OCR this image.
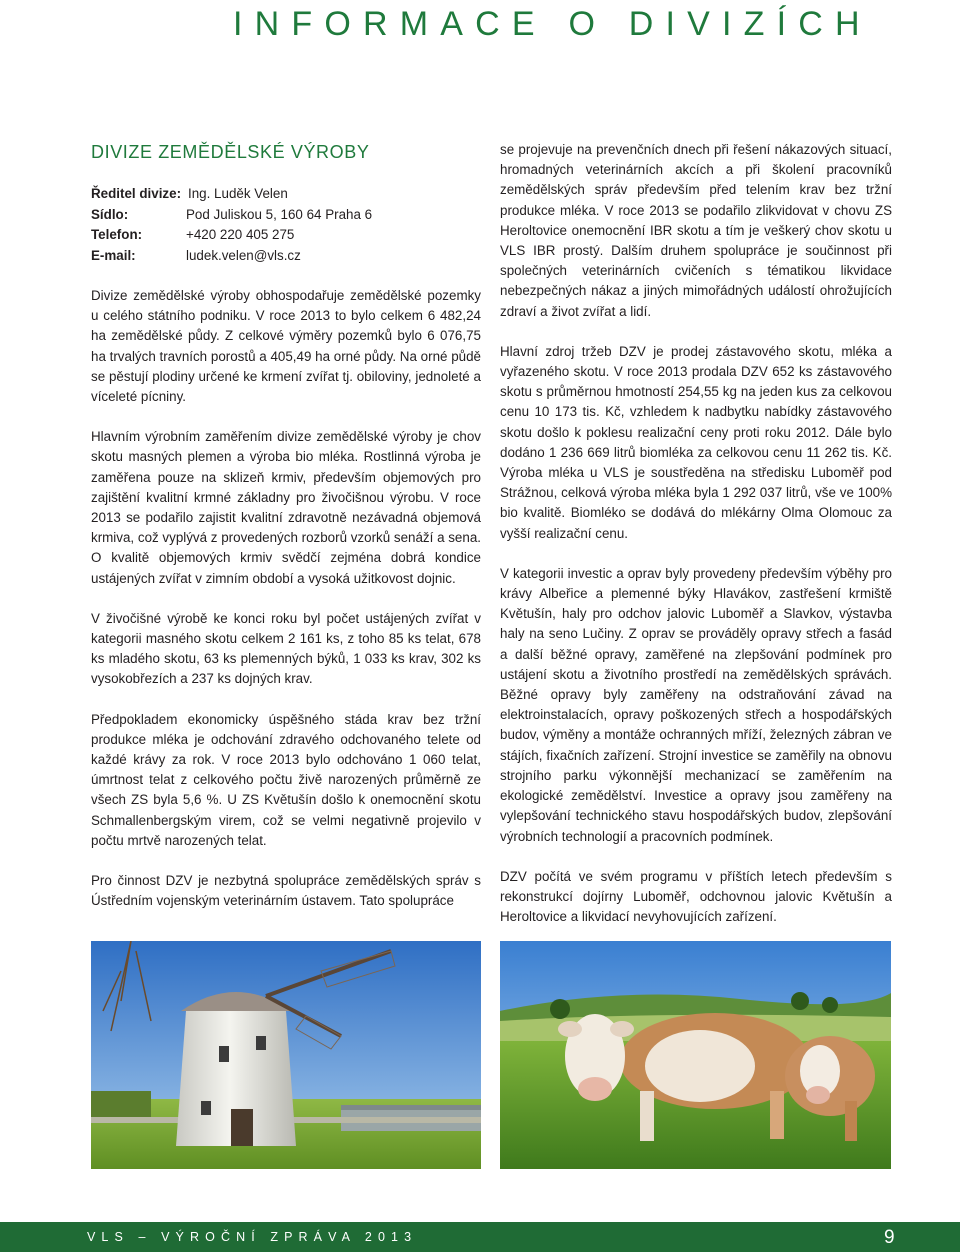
INFORMACE O DIVIZÍCH
DIVIZE ZEMĚDĚLSKÉ VÝROBY
Ředitel divize: Ing. Luděk Velen
Sídlo:	Pod Juliskou 5, 160 64 Praha 6
Telefon:	+420 220 405 275
E-mail:	ludek.velen@vls.cz

Divize zemědělské výroby obhospodařuje zemědělské pozemky u celého státního podniku. V roce 2013 to bylo celkem 6 482,24 ha zemědělské půdy. Z celkové výměry pozemků bylo 6 076,75 ha trvalých travních porostů a 405,49 ha orné půdy. Na orné půdě se pěstují plodiny určené ke krmení zvířat tj. obiloviny, jednoleté a víceleté pícniny.

Hlavním výrobním zaměřením divize zemědělské výroby je chov skotu masných plemen a výroba bio mléka. Rostlinná výroba je zaměřena pouze na sklizeň krmiv, především objemových pro zajištění kvalitní krmné základny pro živočišnou výrobu. V roce 2013 se podařilo zajistit kvalitní zdravotně nezávadná objemová krmiva, což vyplývá z provedených rozborů vzorků senáží a sena. O kvalitě objemových krmiv svědčí zejména dobrá kondice ustájených zvířat v zimním období a vysoká užitkovost dojnic.

V živočišné výrobě ke konci roku byl počet ustájených zvířat v kategorii masného skotu celkem 2 161 ks, z toho 85 ks telat, 678 ks mladého skotu, 63 ks plemenných býků, 1 033 ks krav, 302 ks vysokobřezích a 237 ks dojných krav.

Předpokladem ekonomicky úspěšného stáda krav bez tržní produkce mléka je odchování zdravého odchovaného telete od každé krávy za rok. V roce 2013 bylo odchováno 1 060 telat, úmrtnost telat z celkového počtu živě narozených průměrně ze všech ZS byla 5,6 %. U ZS Květušín došlo k onemocnění skotu Schmallenbergským virem, což se velmi negativně projevilo v počtu mrtvě narozených telat.

Pro činnost DZV je nezbytná spolupráce zemědělských správ s Ústředním vojenským veterinárním ústavem. Tato spolupráce

se projevuje na prevenčních dnech při řešení nákazových situací, hromadných veterinárních akcích a při školení pracovníků zemědělských správ především před telením krav bez tržní produkce mléka. V roce 2013 se podařilo zlikvidovat v chovu ZS Heroltovice onemocnění IBR skotu a tím je veškerý chov skotu u VLS IBR prostý. Dalším druhem spolupráce je součinnost při společných veterinárních cvičeních s tématikou likvidace nebezpečných nákaz a jiných mimořádných událostí ohrožujících zdraví a život zvířat a lidí.

Hlavní zdroj tržeb DZV je prodej zástavového skotu, mléka a vyřazeného skotu. V roce 2013 prodala DZV 652 ks zástavového skotu s průměrnou hmotností 254,55 kg na jeden kus za celkovou cenu 10 173 tis. Kč, vzhledem k nadbytku nabídky zástavového skotu došlo k poklesu realizační ceny proti roku 2012. Dále bylo dodáno 1 236 669 litrů biomléka za celkovou cenu 11 262 tis. Kč. Výroba mléka u VLS je soustředěna na středisku Luboměř pod Strážnou, celková výroba mléka byla 1 292 037 litrů, vše ve 100% bio kvalitě. Biomléko se dodává do mlékárny Olma Olomouc za vyšší realizační cenu.

V kategorii investic a oprav byly provedeny především výběhy pro krávy Albeřice a plemenné býky Hlavákov, zastřešení krmiště Květušín, haly pro odchov jalovic Luboměř a Slavkov, výstavba haly na seno Lučiny. Z oprav se prováděly opravy střech a fasád a další běžné opravy, zaměřené na zlepšování podmínek pro ustájení skotu a životního prostředí na zemědělských správách. Běžné opravy byly zaměřeny na odstraňování závad na elektroinstalacích, opravy poškozených střech a hospodářských budov, výměny a montáže ochranných mříží, železných zábran ve stájích, fixačních zařízení. Strojní investice se zaměřily na obnovu strojního parku výkonnější mechanizací se zaměřením na ekologické zemědělství. Investice a opravy jsou zaměřeny na vylepšování technického stavu hospodářských budov, zlepšování výrobních technologií a pracovních podmínek.

DZV počítá ve svém programu v příštích letech především s rekonstrukcí dojírny Luboměř, odchovnou jalovic Květušín a Heroltovice a likvidací nevyhovujících zařízení.

VLS – VÝROČNÍ ZPRÁVA 2013	9
